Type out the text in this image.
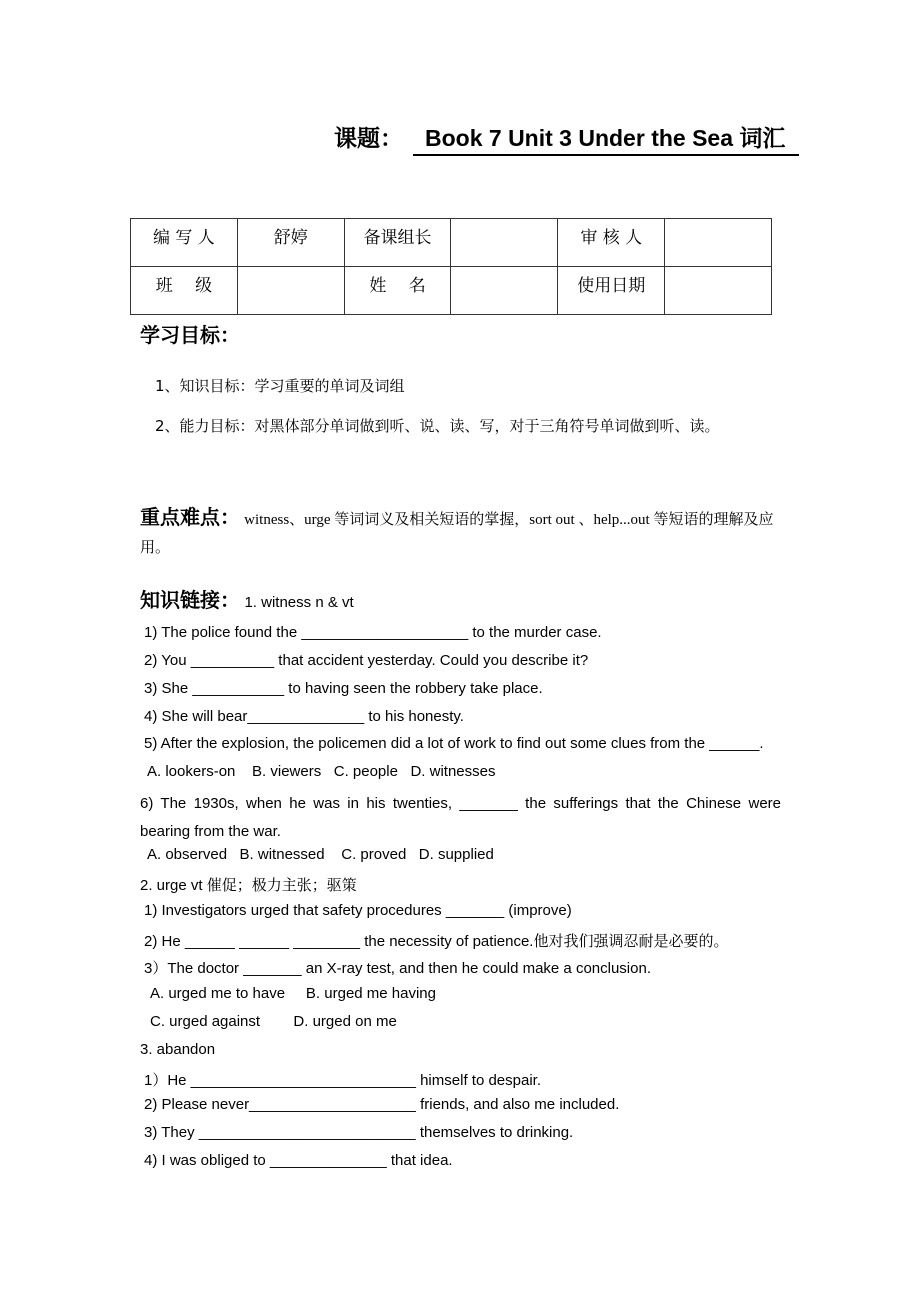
课题： Book 7 Unit 3 Under the Sea 词汇
编 写 人	舒婷	备课组长		审 核 人	
班　 级		姓　 名		使用日期	
学习目标：
1、知识目标：学习重要的单词及词组
2、能力目标：对黑体部分单词做到听、说、读、写，对于三角符号单词做到听、读。
重点难点： witness、urge 等词词义及相关短语的掌握，sort out 、help...out 等短语的理解及应用。
知识链接： 1. witness n & vt
1) The police found the ____________________ to the murder case.
2) You __________ that accident yesterday. Could you describe it?
3) She ___________ to having seen the robbery take place.
4) She will bear______________ to his honesty.
5) After the explosion, the policemen did a lot of work to find out some clues from the ______.
A. lookers-on    B. viewers   C. people   D. witnesses
6) The 1930s, when he was in his twenties, _______ the sufferings that the Chinese were bearing from the war.
A. observed   B. witnessed    C. proved   D. supplied
2. urge vt 催促；极力主张；驱策
1) Investigators urged that safety procedures _______ (improve)
2) He ______ ______ ________ the necessity of patience.他对我们强调忍耐是必要的。
3）The doctor _______ an X-ray test, and then he could make a conclusion.
A. urged me to have     B. urged me having
C. urged against        D. urged on me
3. abandon
1）He ___________________________ himself to despair.
2) Please never____________________ friends, and also me included.
3) They __________________________ themselves to drinking.
4) I was obliged to ______________ that idea.
